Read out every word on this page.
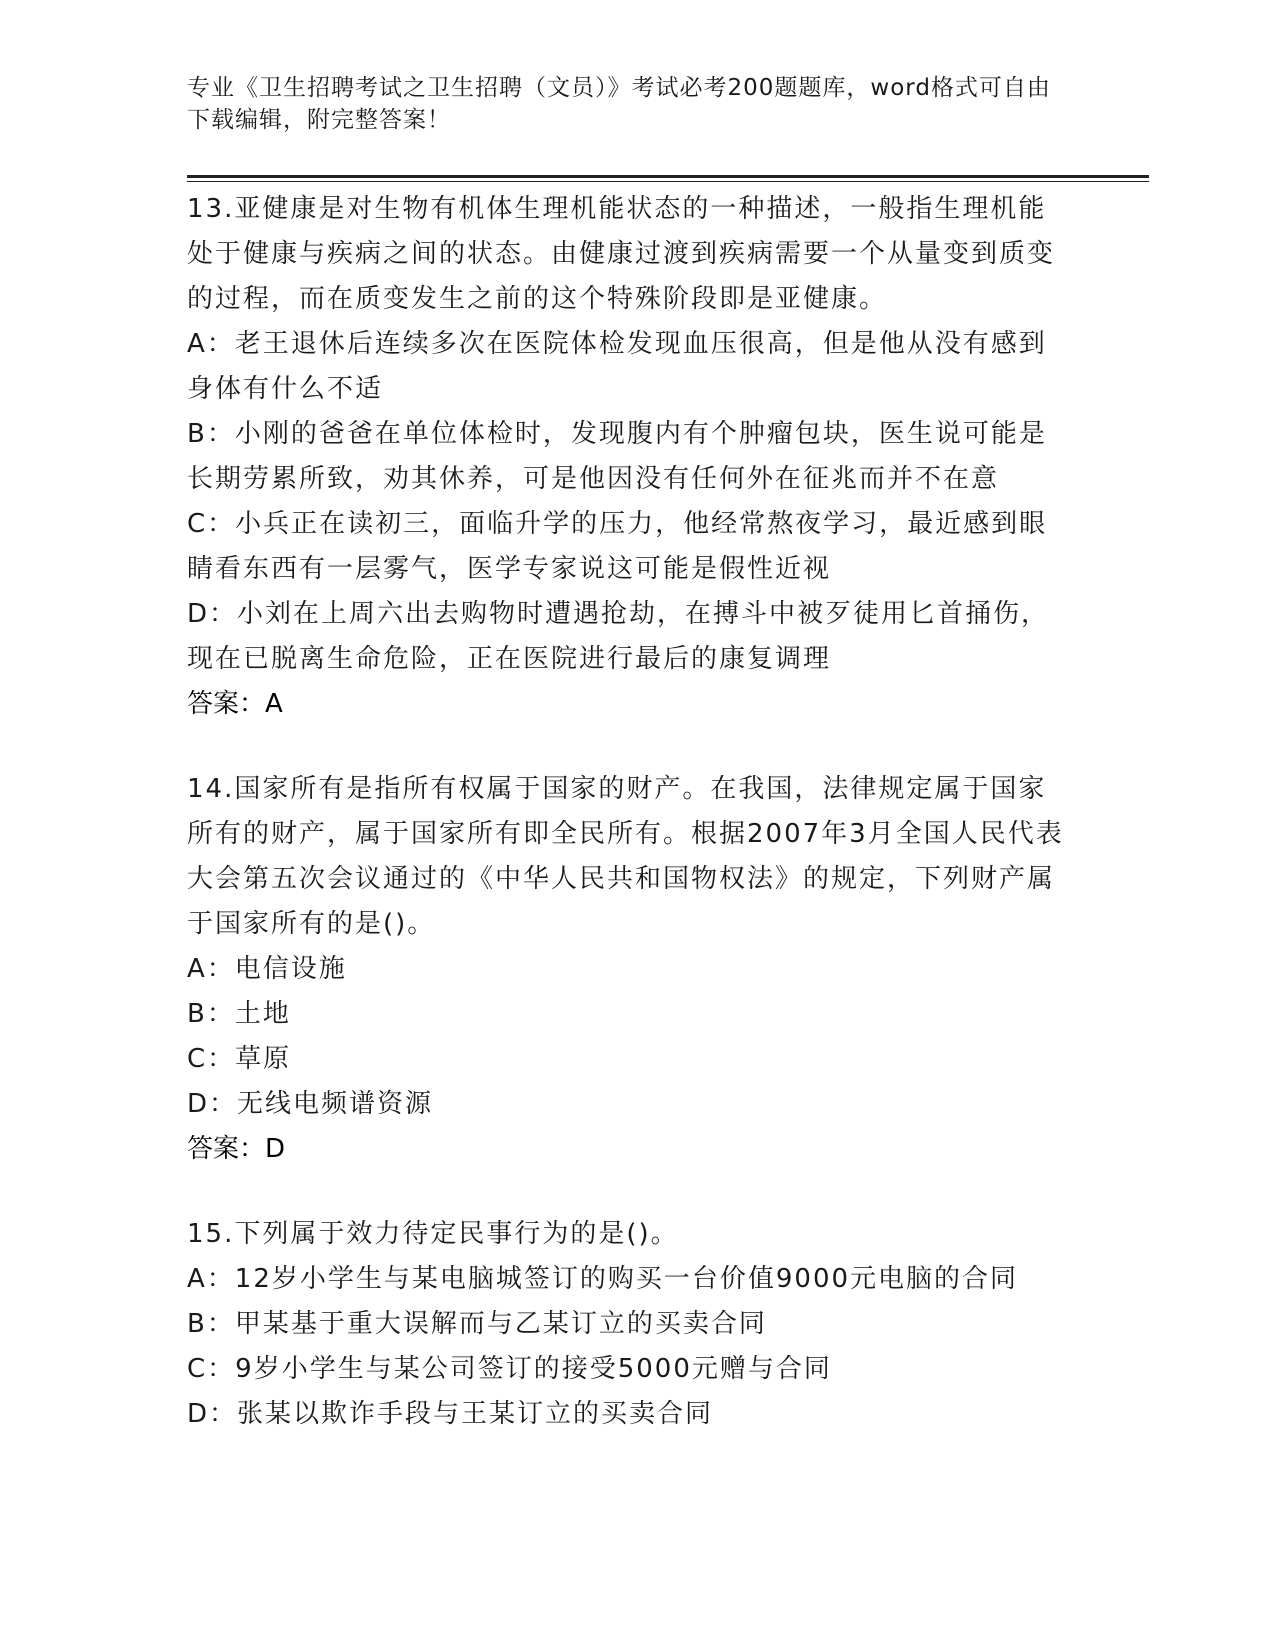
专业《卫生招聘考试之卫生招聘（文员）》考试必考200题题库，word格式可自由下载编辑，附完整答案！
13.亚健康是对生物有机体生理机能状态的一种描述，一般指生理机能处于健康与疾病之间的状态。由健康过渡到疾病需要一个从量变到质变的过程，而在质变发生之前的这个特殊阶段即是亚健康。
A：老王退休后连续多次在医院体检发现血压很高，但是他从没有感到身体有什么不适
B：小刚的爸爸在单位体检时，发现腹内有个肿瘤包块，医生说可能是长期劳累所致，劝其休养，可是他因没有任何外在征兆而并不在意
C：小兵正在读初三，面临升学的压力，他经常熬夜学习，最近感到眼睛看东西有一层雾气，医学专家说这可能是假性近视
D：小刘在上周六出去购物时遭遇抢劫，在搏斗中被歹徒用匕首捅伤，现在已脱离生命危险，正在医院进行最后的康复调理
答案：A
14.国家所有是指所有权属于国家的财产。在我国，法律规定属于国家所有的财产，属于国家所有即全民所有。根据2007年3月全国人民代表大会第五次会议通过的《中华人民共和国物权法》的规定，下列财产属于国家所有的是()。
A：电信设施
B：土地
C：草原
D：无线电频谱资源
答案：D
15.下列属于效力待定民事行为的是()。
A：12岁小学生与某电脑城签订的购买一台价值9000元电脑的合同
B：甲某基于重大误解而与乙某订立的买卖合同
C：9岁小学生与某公司签订的接受5000元赠与合同
D：张某以欺诈手段与王某订立的买卖合同
